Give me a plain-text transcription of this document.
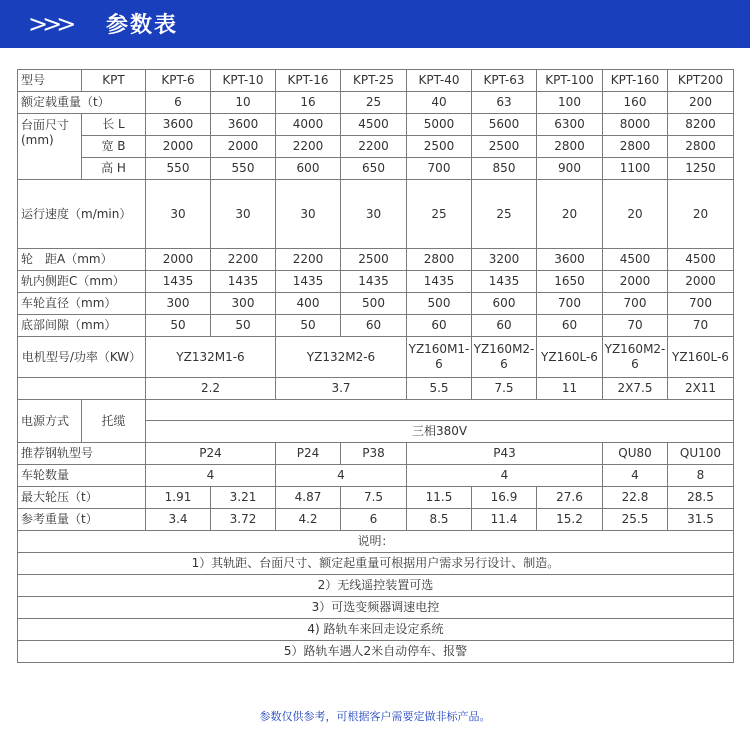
>>> 参数表
型号	KPT	KPT-6	KPT-10	KPT-16	KPT-25	KPT-40	KPT-63	KPT-100	KPT-160	KPT200	
额定载重量（t）		6	10	16	25	40	63	100	160	200	
台面尺寸(mm)	长 L	3600	3600	4000	4500	5000	5600	6300	8000	8200	
	宽 B	2000	2000	2200	2200	2500	2500	2800	2800	2800	
	高 H	550	550	600	650	700	850	900	1100	1250	
运行速度（m/min）		30	30	30	30	25	25	20	20	20	
轮　距A（mm）		2000	2200	2200	2500	2800	3200	3600	4500	4500	
轨内侧距C（mm）		1435	1435	1435	1435	1435	1435	1650	2000	2000	
车轮直径（mm）		300	300	400	500	500	600	700	700	700	
底部间隙（mm）		50	50	50	60	60	60	60	70	70	
电机型号/功率（KW）		YZ132M1-6		YZ132M2-6		YZ160M1-6	YZ160M2-6	YZ160L-6	YZ160M2-6	YZ160L-6	
		2.2		3.7		5.5	7.5	11	2X7.5	2X11	
电源方式	托缆										
		三相380V									
推荐钢轨型号		P24		P24	P38	P43			QU80	QU100	
车轮数量		4		4		4			4	8	
最大轮压（t）		1.91	3.21	4.87	7.5	11.5	16.9	27.6	22.8	28.5	
参考重量（t）		3.4	3.72	4.2	6	8.5	11.4	15.2	25.5	31.5	
说明：											
1）其轨距、台面尺寸、额定起重量可根据用户需求另行设计、制造。											
2）无线遥控装置可选											
3）可选变频器调速电控											
4) 路轨车来回走设定系统											
5）路轨车遇人2米自动停车、报警											
参数仅供参考，可根据客户需要定做非标产品。
